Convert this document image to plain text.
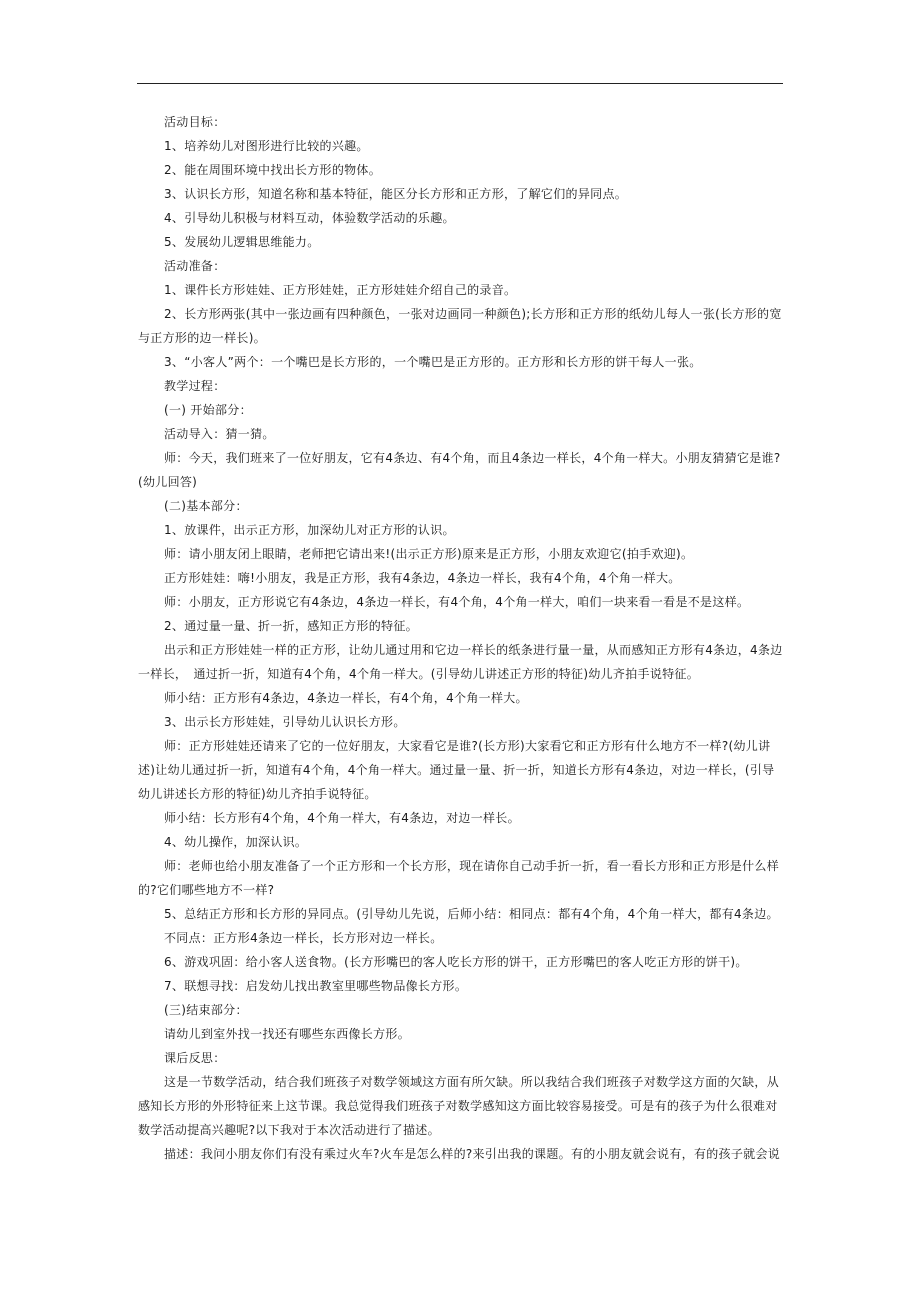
活动目标：

1、培养幼儿对图形进行比较的兴趣。

2、能在周围环境中找出长方形的物体。

3、认识长方形，知道名称和基本特征，能区分长方形和正方形，了解它们的异同点。

4、引导幼儿积极与材料互动，体验数学活动的乐趣。

5、发展幼儿逻辑思维能力。

活动准备：

1、课件长方形娃娃、正方形娃娃，正方形娃娃介绍自己的录音。

2、长方形两张(其中一张边画有四种颜色，一张对边画同一种颜色);长方形和正方形的纸幼儿每人一张(长方形的宽与正方形的边一样长)。

3、“小客人”两个：一个嘴巴是长方形的，一个嘴巴是正方形的。正方形和长方形的饼干每人一张。

教学过程：

(一) 开始部分：

活动导入：猜一猜。

师：今天，我们班来了一位好朋友，它有4条边、有4个角，而且4条边一样长，4个角一样大。小朋友猜猜它是谁?(幼儿回答)

(二)基本部分：

1、放课件，出示正方形，加深幼儿对正方形的认识。

师：请小朋友闭上眼睛，老师把它请出来!(出示正方形)原来是正方形，小朋友欢迎它(拍手欢迎)。

正方形娃娃：嗨!小朋友，我是正方形，我有4条边，4条边一样长，我有4个角，4个角一样大。

师：小朋友，正方形说它有4条边，4条边一样长，有4个角，4个角一样大，咱们一块来看一看是不是这样。

2、通过量一量、折一折，感知正方形的特征。

出示和正方形娃娃一样的正方形，让幼儿通过用和它边一样长的纸条进行量一量，从而感知正方形有4条边，4条边一样长，　通过折一折，知道有4个角，4个角一样大。(引导幼儿讲述正方形的特征)幼儿齐拍手说特征。

师小结：正方形有4条边，4条边一样长，有4个角，4个角一样大。

3、出示长方形娃娃，引导幼儿认识长方形。

师：正方形娃娃还请来了它的一位好朋友，大家看它是谁?(长方形)大家看它和正方形有什么地方不一样?(幼儿讲述)让幼儿通过折一折，知道有4个角，4个角一样大。通过量一量、折一折，知道长方形有4条边，对边一样长，(引导幼儿讲述长方形的特征)幼儿齐拍手说特征。

师小结：长方形有4个角，4个角一样大，有4条边，对边一样长。

4、幼儿操作，加深认识。

师：老师也给小朋友准备了一个正方形和一个长方形，现在请你自己动手折一折，看一看长方形和正方形是什么样的?它们哪些地方不一样?

5、总结正方形和长方形的异同点。(引导幼儿先说，后师小结：相同点：都有4个角，4个角一样大，都有4条边。

不同点：正方形4条边一样长，长方形对边一样长。

6、游戏巩固：给小客人送食物。(长方形嘴巴的客人吃长方形的饼干，正方形嘴巴的客人吃正方形的饼干)。

7、联想寻找：启发幼儿找出教室里哪些物品像长方形。

(三)结束部分：

请幼儿到室外找一找还有哪些东西像长方形。

课后反思：

这是一节数学活动，结合我们班孩子对数学领域这方面有所欠缺。所以我结合我们班孩子对数学这方面的欠缺，从感知长方形的外形特征来上这节课。我总觉得我们班孩子对数学感知这方面比较容易接受。可是有的孩子为什么很难对数学活动提高兴趣呢?以下我对于本次活动进行了描述。

描述：我问小朋友你们有没有乘过火车?火车是怎么样的?来引出我的课题。有的小朋友就会说有，有的孩子就会说
